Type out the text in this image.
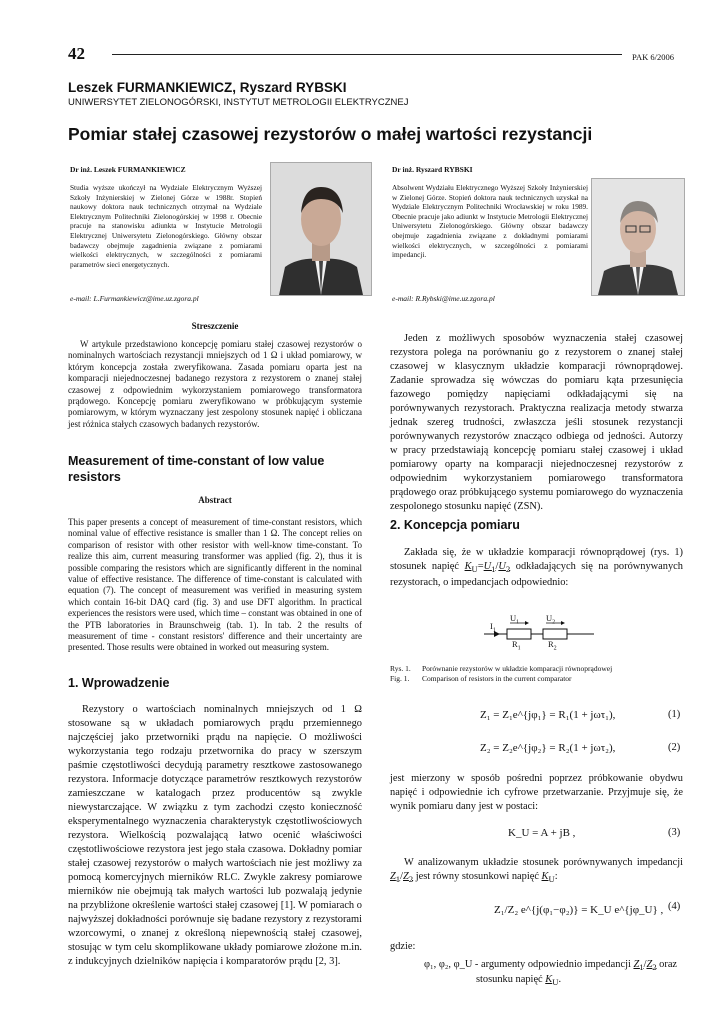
42	PAK 6/2006
Leszek FURMANKIEWICZ, Ryszard RYBSKI
UNIWERSYTET ZIELONOGÓRSKI, INSTYTUT METROLOGII ELEKTRYCZNEJ
Pomiar stałej czasowej rezystorów o małej wartości rezystancji
Dr inż. Leszek FURMANKIEWICZ
Studia wyższe ukończył na Wydziale Elektrycznym Wyższej Szkoły Inżynierskiej w Zielonej Górze w 1988r. Stopień naukowy doktora nauk technicznych otrzymał na Wydziale Elektrycznym Politechniki Zielonogórskiej w 1998 r. Obecnie pracuje na stanowisku adiunkta w Instytucie Metrologii Elektrycznej Uniwersytetu Zielonogórskiego. Główny obszar badawczy obejmuje zagadnienia związane z pomiarami wielkości elektrycznych, w szczególności z pomiarami parametrów sieci energetycznych.
e-mail: L.Furmankiewicz@ime.uz.zgora.pl
Dr inż. Ryszard RYBSKI
Absolwent Wydziału Elektrycznego Wyższej Szkoły Inżynierskiej w Zielonej Górze. Stopień doktora nauk technicznych uzyskał na Wydziale Elektrycznym Politechniki Wrocławskiej w roku 1989. Obecnie pracuje jako adiunkt w Instytucie Metrologii Elektrycznej Uniwersytetu Zielonogórskiego. Główny obszar badawczy obejmuje zagadnienia związane z dokładnymi pomiarami wielkości elektrycznych, w szczególności z pomiarami impedancji.
e-mail: R.Rybski@ime.uz.zgora.pl
Streszczenie

W artykule przedstawiono koncepcję pomiaru stałej czasowej rezystorów o nominalnych wartościach rezystancji mniejszych od 1 Ω i układ pomiarowy, w którym koncepcja została zweryfikowana. Zasada pomiaru oparta jest na komparacji niejednoczesnej badanego rezystora z rezystorem o znanej stałej czasowej z odpowiednim wykorzystaniem pomiarowego transformatora prądowego. Koncepcję pomiaru zweryfikowano w próbkującym systemie pomiarowym, w którym wyznaczany jest zespolony stosunek napięć i obliczana jest różnica stałych czasowych badanych rezystorów.

Measurement of time-constant of low value resistors
Abstract

This paper presents a concept of measurement of time-constant resistors, which nominal value of effective resistance is smaller than 1 Ω. The concept relies on comparison of resistor with other resistor with well-know time-constant. To realize this aim, current measuring transformer was applied (fig. 2), thus it is possible comparing the resistors which are significantly different in the nominal value of effective resistance. The difference of time-constant is calculated with equation (7). The concept of measurement was verified in measuring system which contain 16-bit DAQ card (fig. 3) and use DFT algorithm. In practical experiences the resistors were used, which time – constant was obtained in one of the PTB laboratories in Braunschweig (tab. 1). In tab. 2 the results of measurement of time - constant resistors' difference and their uncertainty are presented. Those results were obtained in worked out measuring system.

1. Wprowadzenie

Rezystory o wartościach nominalnych mniejszych od 1 Ω stosowane są w układach pomiarowych prądu przemiennego najczęściej jako przetworniki prądu na napięcie. O możliwości wykorzystania tego rodzaju przetwornika do pracy w szerszym paśmie częstotliwości decydują parametry resztkowe zastosowanego rezystora. Informacje dotyczące parametrów resztkowych rezystorów zamieszczane w katalogach przez producentów są zwykle niewystarczające. W związku z tym zachodzi często konieczność eksperymentalnego wyznaczenia charakterystyk częstotliwościowych rezystora. Wielkością pozwalającą łatwo ocenić właściwości częstotliwościowe rezystora jest jego stała czasowa. Dokładny pomiar stałej czasowej rezystorów o małych wartościach nie jest możliwy za pomocą komercyjnych mierników RLC. Zwykle zakresy pomiarowe mierników nie obejmują tak małych wartości lub pozwalają jedynie na przybliżone określenie wartości stałej czasowej [1]. W pomiarach o najwyższej dokładności porównuje się badane rezystory z rezystorami wzorcowymi, o znanej z określoną niepewnością stałej czasowej, stosując w tym celu skomplikowane układy pomiarowe złożone m.in. z indukcyjnych dzielników napięcia i komparatorów prądu [2, 3].

Jeden z możliwych sposobów wyznaczenia stałej czasowej rezystora polega na porównaniu go z rezystorem o znanej stałej czasowej w klasycznym układzie komparacji równoprądowej. Zadanie sprowadza się wówczas do pomiaru kąta przesunięcia fazowego pomiędzy napięciami odkładającymi się na porównywanych rezystorach. Praktyczna realizacja metody stwarza jednak szereg trudności, zwłaszcza jeśli stosunek rezystancji porównywanych rezystorów znacząco odbiega od jedności. Autorzy w pracy przedstawiają koncepcję pomiaru stałej czasowej i układ pomiarowy oparty na komparacji niejednoczesnej rezystorów z odpowiednim wykorzystaniem pomiarowego transformatora prądowego oraz próbkującego systemu pomiarowego do wyznaczenia zespolonego stosunku napięć (ZSN).

2. Koncepcja pomiaru

Zakłada się, że w układzie komparacji równoprądowej (rys. 1) stosunek napięć $K_U=U_1/U_2$ odkładających się na porównywanych rezystorach, o impedancjach odpowiednio:

$I_1$
$U_1$	$U_2$
$R_1$	$R_2$
Rys. 1. Porównanie rezystorów w układzie komparacji równoprądowej
Fig. 1. Comparison of resistors in the current comparator
Z₁ = Z₁e^{jφ₁} = R₁(1 + jωτ₁),	(1)
Z₂ = Z₂e^{jφ₂} = R₂(1 + jωτ₂),	(2)

jest mierzony w sposób pośredni poprzez próbkowanie obydwu napięć i odpowiednie ich cyfrowe przetwarzanie. Przyjmuje się, że wynik pomiaru dany jest w postaci:

K_U = A + jB ,	(3)

W analizowanym układzie stosunek porównywanych impedancji $Z_1/Z_2$ jest równy stosunkowi napięć $K_U$:

Z₁/Z₂ e^{j(φ₁−φ₂)} = K_U e^{jφ_U} , (4)
gdzie:
φ₁, φ₂, φ_U - argumenty odpowiednio impedancji $Z_1/Z_2$ oraz
stosunku napięć $K_U$.
